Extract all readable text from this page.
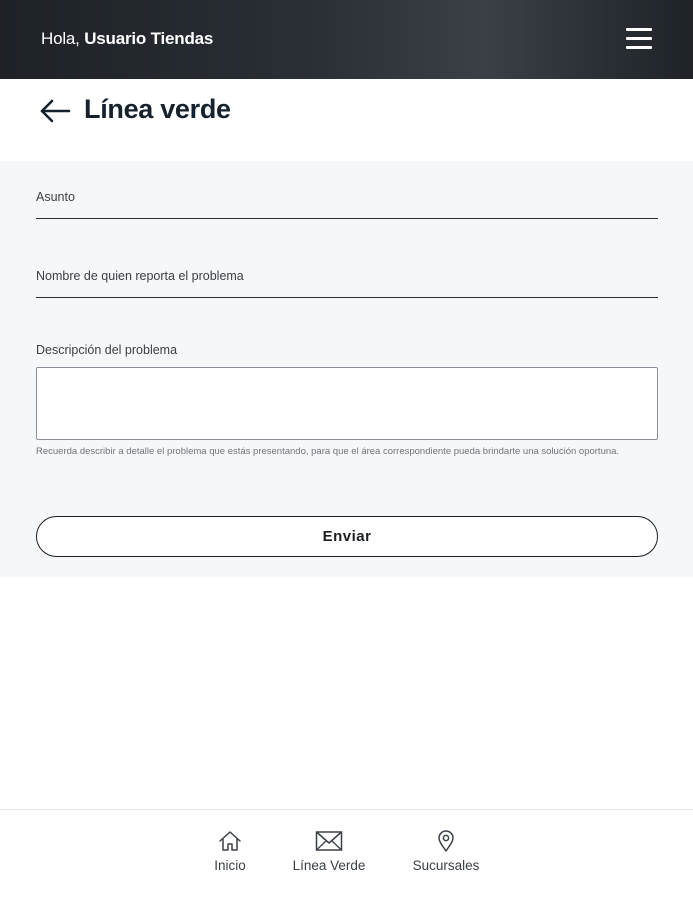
Hola, Usuario Tiendas
Línea verde
Asunto
Nombre de quien reporta el problema
Descripción del problema
Recuerda describir a detalle el problema que estás presentando, para que el área correspondiente pueda brindarte una solución oportuna.
Enviar
Inicio	Línea Verde	Sucursales
